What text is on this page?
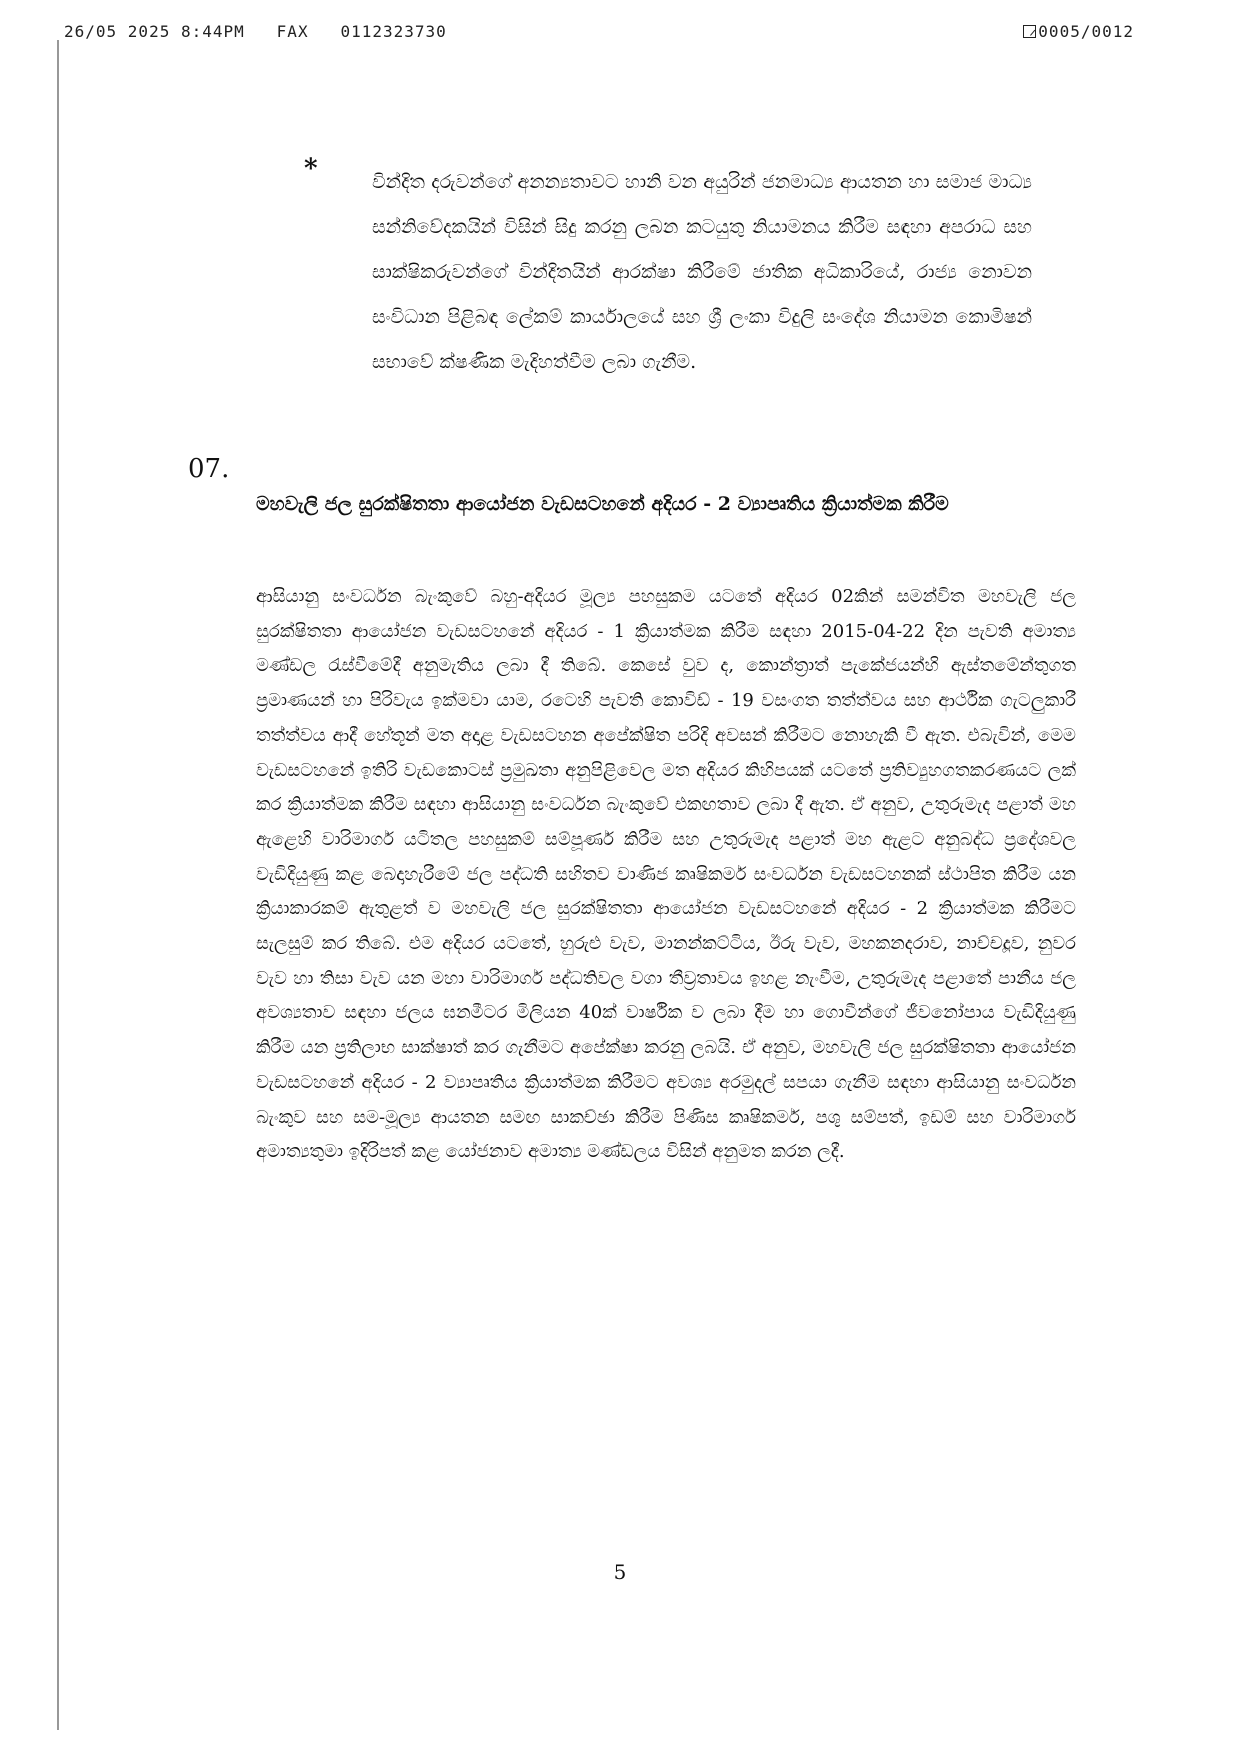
26/05 2025 8:44PM FAX 0112323730	0005/0012
*	වින්දිත දරුවන්ගේ අනන්‍යතාවට හානි වන අයුරින් ජනමාධ්‍ය ආයතන හා සමාජ මාධ්‍ය සන්නිවේදකයින් විසින් සිදු කරනු ලබන කටයුතු නියාමනය කිරීම සඳහා අපරාධ සහ සාක්ෂිකරුවන්ගේ වින්දිතයින් ආරක්ෂා කිරීමේ ජාතික අධිකාරියේ, රාජ්‍ය නොවන සංවිධාන පිළිබඳ ලේකම් කාර්යාලයේ සහ ශ්‍රී ලංකා විදුලි සංදේශ නියාමන කොමිෂන් සභාවේ ක්ෂණික මැදිහත්වීම ලබා ගැනීම.
07.
මහවැලි ජල සුරක්ෂිතතා ආයෝජන වැඩසටහනේ අදියර - 2 ව්‍යාපෘතිය ක්‍රියාත්මක කිරීම
ආසියානු සංවර්ධන බැංකුවේ බහු-අදියර මූල්‍ය පහසුකම යටතේ අදියර 02කින් සමන්විත මහවැලි ජල සුරක්ෂිතතා ආයෝජන වැඩසටහනේ අදියර - 1 ක්‍රියාත්මක කිරීම සඳහා 2015-04-22 දින පැවති අමාත්‍ය මණ්ඩල රැස්වීමේදී අනුමැතිය ලබා දී තිබේ. කෙසේ වුව ද, කොන්ත්‍රාත් පැකේජයන්හි ඇස්තමේන්තුගත ප්‍රමාණයන් හා පිරිවැය ඉක්මවා යාම, රටෙහි පැවති කොවිඩ් - 19 වසංගත තත්ත්වය සහ ආර්ථික ගැටලුකාරී තත්ත්වය ආදී හේතූන් මත අදාළ වැඩසටහන අපේක්ෂිත පරිදි අවසන් කිරීමට නොහැකි වී ඇත. එබැවින්, මෙම වැඩසටහනේ ඉතිරි වැඩකොටස් ප්‍රමුඛතා අනුපිළිවෙල මත අදියර කිහිපයක් යටතේ ප්‍රතිව්‍යුහගතකරණයට ලක් කර ක්‍රියාත්මක කිරීම සඳහා ආසියානු සංවර්ධන බැංකුවේ එකඟතාව ලබා දී ඇත. ඒ අනුව, උතුරුමැද පළාත් මහ ඇළෙහි වාරිමාර්ග යටිතල පහසුකම් සම්පූර්ණ කිරීම සහ උතුරුමැද පළාත් මහ ඇළට අනුබද්ධ ප්‍රදේශවල වැඩිදියුණු කළ බෙදාහැරීමේ ජල පද්ධති සහිතව වාණිජ කෘෂිකර්ම සංවර්ධන වැඩසටහනක් ස්ථාපිත කිරීම යන ක්‍රියාකාරකම් ඇතුළත් ව මහවැලි ජල සුරක්ෂිතතා ආයෝජන වැඩසටහනේ අදියර - 2 ක්‍රියාත්මක කිරීමට සැලසුම් කර තිබේ. එම අදියර යටතේ, හුරුළු වැව, මානන්කට්ටිය, ඊරු වැව, මහකනදරාව, නාච්චදූව, නුවර වැව හා තිසා වැව යන මහා වාරිමාර්ග පද්ධතිවල වගා තීව්‍රතාවය ඉහළ නැංවීම, උතුරුමැද පළාතේ පානීය ජල අවශ්‍යතාව සඳහා ජලය ඝනමීටර මිලියන 40ක් වාර්ෂික ව ලබා දීම හා ගොවීන්ගේ ජීවනෝපාය වැඩිදියුණු කිරීම යන ප්‍රතිලාභ සාක්ෂාත් කර ගැනීමට අපේක්ෂා කරනු ලබයි. ඒ අනුව, මහවැලි ජල සුරක්ෂිතතා ආයෝජන වැඩසටහනේ අදියර - 2 ව්‍යාපෘතිය ක්‍රියාත්මක කිරීමට අවශ්‍ය අරමුදල් සපයා ගැනීම සඳහා ආසියානු සංවර්ධන බැංකුව සහ සම-මූල්‍ය ආයතන සමඟ සාකච්ඡා කිරීම පිණිස කෘෂිකර්ම, පශු සම්පත්, ඉඩම් සහ වාරිමාර්ග අමාත්‍යතුමා ඉදිරිපත් කළ යෝජනාව අමාත්‍ය මණ්ඩලය විසින් අනුමත කරන ලදී.
5
